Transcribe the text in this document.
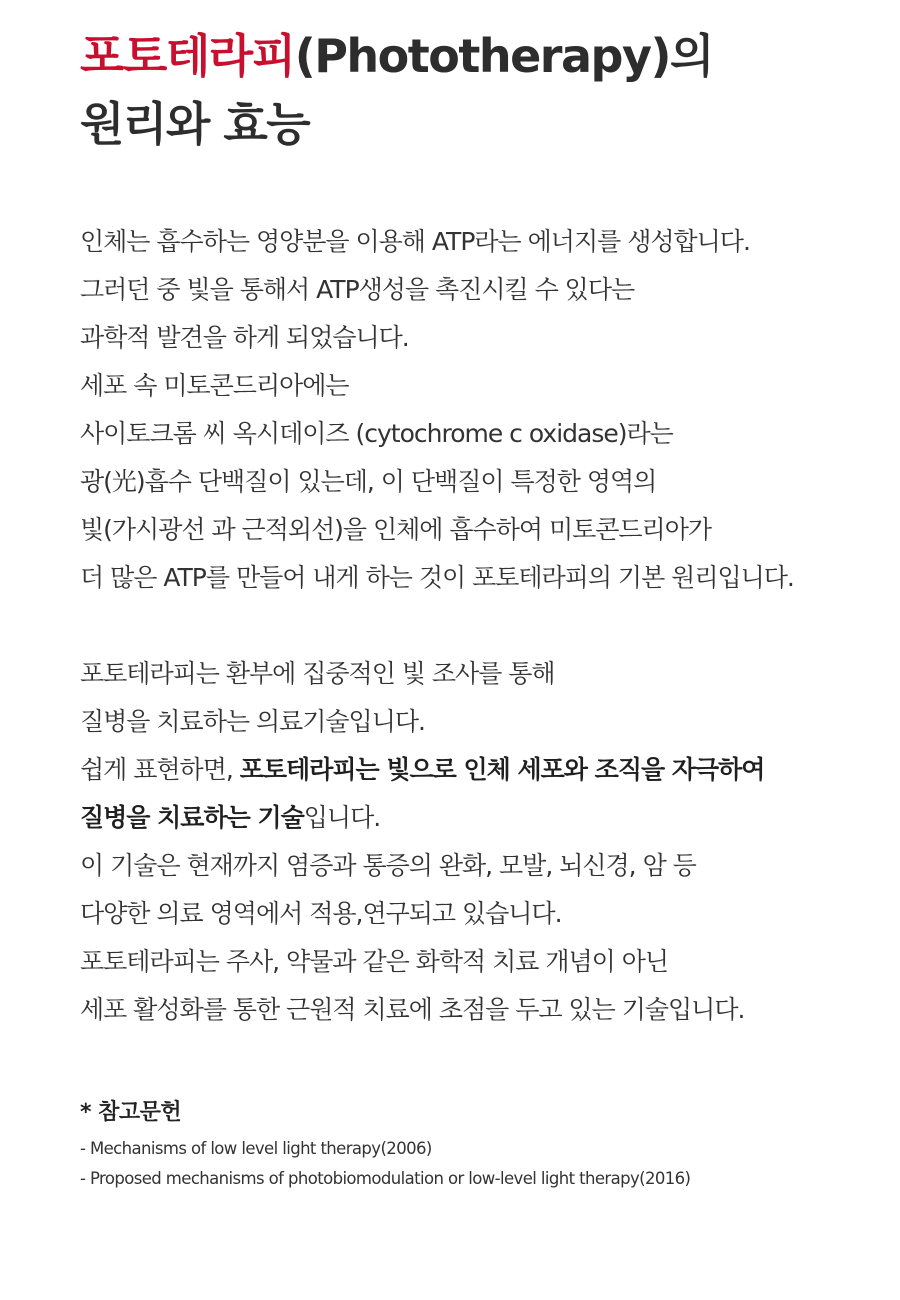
포토테라피(Phototherapy)의
원리와 효능
인체는 흡수하는 영양분을 이용해 ATP라는 에너지를 생성합니다.
그러던 중 빛을 통해서 ATP생성을 촉진시킬 수 있다는
과학적 발견을 하게 되었습니다.
세포 속 미토콘드리아에는
사이토크롬 씨 옥시데이즈 (cytochrome c oxidase)라는
광(光)흡수 단백질이 있는데, 이 단백질이 특정한 영역의
빛(가시광선 과 근적외선)을 인체에 흡수하여 미토콘드리아가
더 많은 ATP를 만들어 내게 하는 것이 포토테라피의 기본 원리입니다.
포토테라피는 환부에 집중적인 빛 조사를 통해
질병을 치료하는 의료기술입니다.
쉽게 표현하면, 포토테라피는 빛으로 인체 세포와 조직을 자극하여
질병을 치료하는 기술입니다.
이 기술은 현재까지 염증과 통증의 완화, 모발, 뇌신경, 암 등
다양한 의료 영역에서 적용,연구되고 있습니다.
포토테라피는 주사, 약물과 같은 화학적 치료 개념이 아닌
세포 활성화를 통한 근원적 치료에 초점을 두고 있는 기술입니다.
* 참고문헌
- Mechanisms of low level light therapy(2006)
- Proposed mechanisms of photobiomodulation or low-level light therapy(2016)
